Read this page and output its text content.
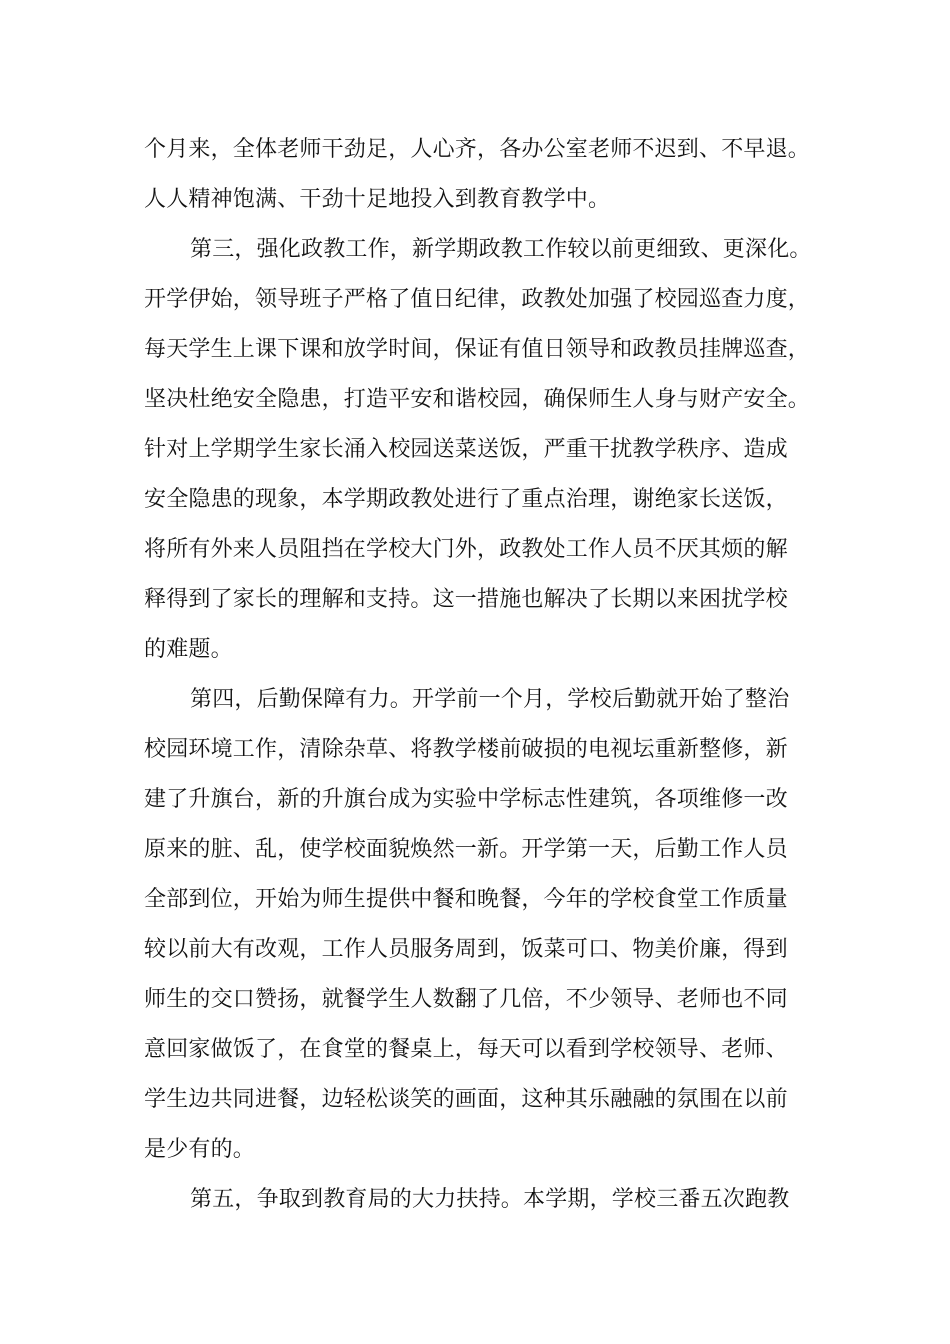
个月来，全体老师干劲足，人心齐，各办公室老师不迟到、不早退。
人人精神饱满、干劲十足地投入到教育教学中。
第三，强化政教工作，新学期政教工作较以前更细致、更深化。
开学伊始，领导班子严格了值日纪律，政教处加强了校园巡查力度，
每天学生上课下课和放学时间，保证有值日领导和政教员挂牌巡查，
坚决杜绝安全隐患，打造平安和谐校园，确保师生人身与财产安全。
针对上学期学生家长涌入校园送菜送饭，严重干扰教学秩序、造成
安全隐患的现象，本学期政教处进行了重点治理，谢绝家长送饭，
将所有外来人员阻挡在学校大门外，政教处工作人员不厌其烦的解
释得到了家长的理解和支持。这一措施也解决了长期以来困扰学校
的难题。
第四，后勤保障有力。开学前一个月，学校后勤就开始了整治
校园环境工作，清除杂草、将教学楼前破损的电视坛重新整修，新
建了升旗台，新的升旗台成为实验中学标志性建筑，各项维修一改
原来的脏、乱，使学校面貌焕然一新。开学第一天，后勤工作人员
全部到位，开始为师生提供中餐和晚餐，今年的学校食堂工作质量
较以前大有改观，工作人员服务周到，饭菜可口、物美价廉，得到
师生的交口赞扬，就餐学生人数翻了几倍，不少领导、老师也不同
意回家做饭了，在食堂的餐桌上，每天可以看到学校领导、老师、
学生边共同进餐，边轻松谈笑的画面，这种其乐融融的氛围在以前
是少有的。
第五，争取到教育局的大力扶持。本学期，学校三番五次跑教
